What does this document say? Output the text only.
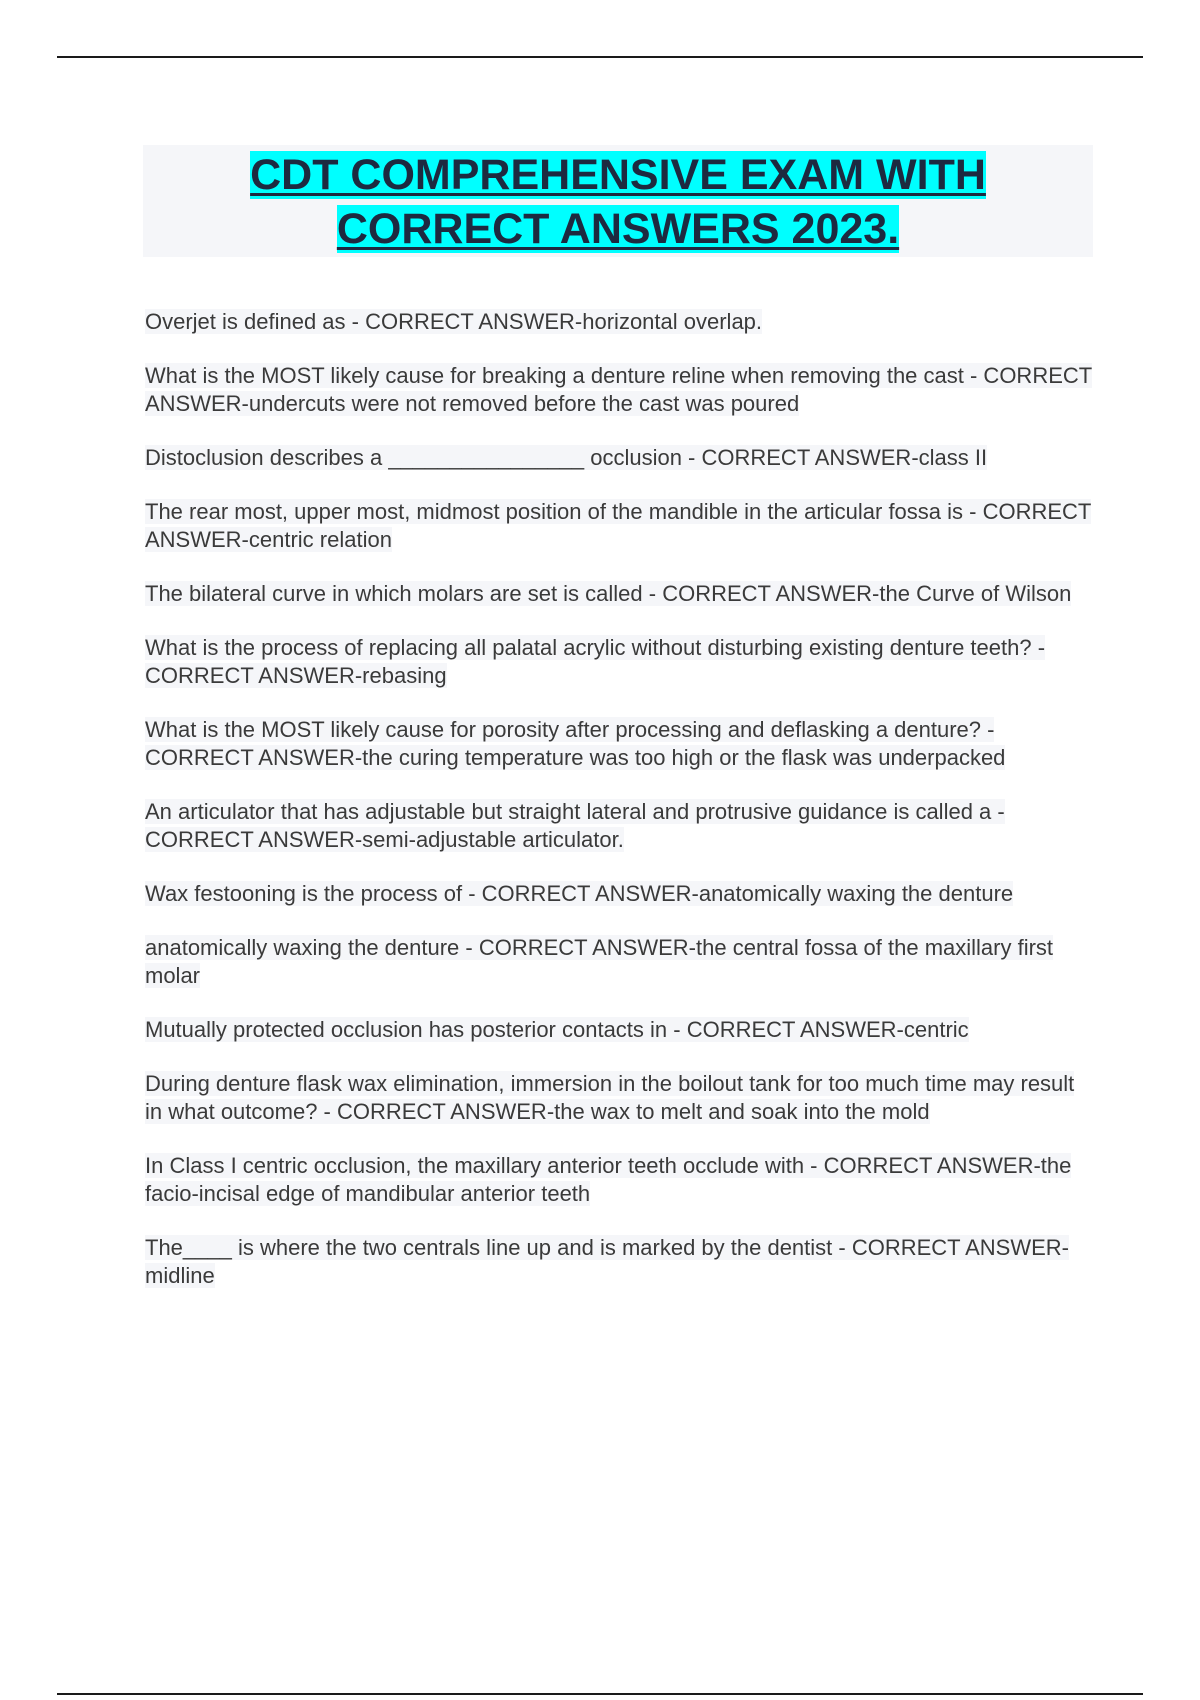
CDT COMPREHENSIVE EXAM WITH
CORRECT ANSWERS 2023.

Overjet is defined as - CORRECT ANSWER-horizontal overlap.

What is the MOST likely cause for breaking a denture reline when removing the cast - CORRECT ANSWER-undercuts were not removed before the cast was poured

Distoclusion describes a ________________ occlusion - CORRECT ANSWER-class II

The rear most, upper most, midmost position of the mandible in the articular fossa is - CORRECT ANSWER-centric relation

The bilateral curve in which molars are set is called - CORRECT ANSWER-the Curve of Wilson

What is the process of replacing all palatal acrylic without disturbing existing denture teeth? - CORRECT ANSWER-rebasing

What is the MOST likely cause for porosity after processing and deflasking a denture? - CORRECT ANSWER-the curing temperature was too high or the flask was underpacked

An articulator that has adjustable but straight lateral and protrusive guidance is called a - CORRECT ANSWER-semi-adjustable articulator.

Wax festooning is the process of - CORRECT ANSWER-anatomically waxing the denture

anatomically waxing the denture - CORRECT ANSWER-the central fossa of the maxillary first molar

Mutually protected occlusion has posterior contacts in - CORRECT ANSWER-centric

During denture flask wax elimination, immersion in the boilout tank for too much time may result in what outcome? - CORRECT ANSWER-the wax to melt and soak into the mold

In Class I centric occlusion, the maxillary anterior teeth occlude with - CORRECT ANSWER-the facio-incisal edge of mandibular anterior teeth

The____ is where the two centrals line up and is marked by the dentist - CORRECT ANSWER-midline
